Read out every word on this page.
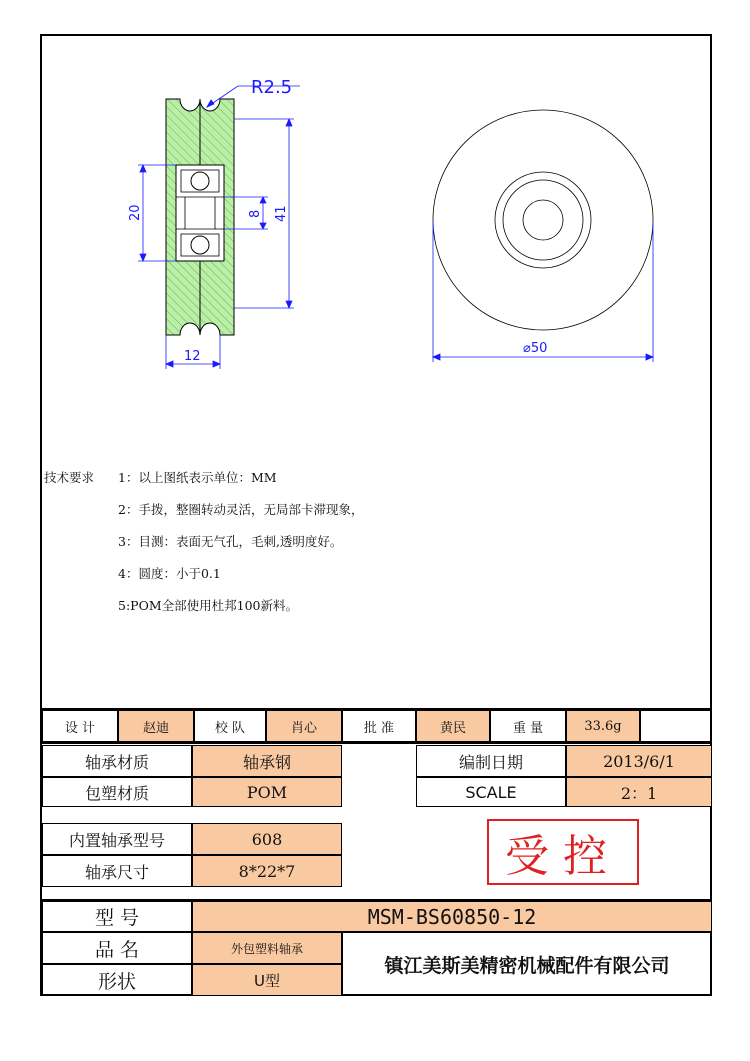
R2.5
20	8 41
12
⌀50
技术要求 1：以上图纸表示单位：MM
2：手拨，整圈转动灵活，无局部卡滞现象，
3：目测：表面无气孔，毛刺,透明度好。
4：圆度：小于0.1
5:POM全部使用杜邦100新料。
设 计	赵迪	校 队	肖心	批 准	黄民	重 量	33.6g
轴承材质	轴承钢	编制日期	2013/6/1
包塑材质	POM	SCALE	2：1
内置轴承型号	608
轴承尺寸	8*22*7	受控
型 号	MSM-BS60850-12
品 名	外包塑料轴承
形状	U型
镇江美斯美精密机械配件有限公司
